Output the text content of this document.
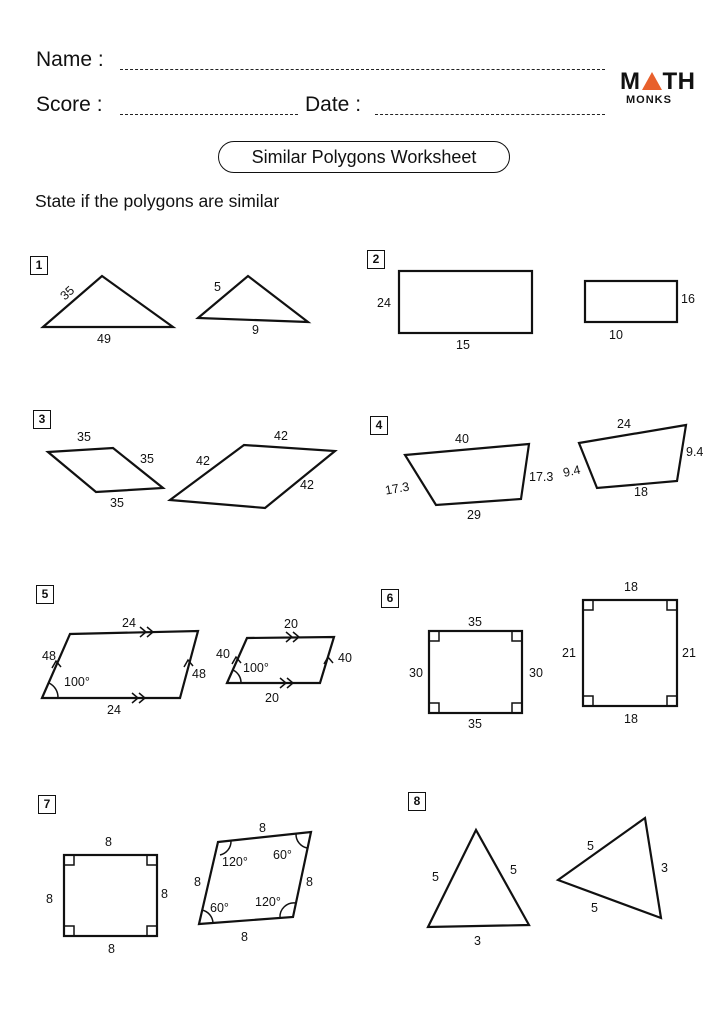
Name :
Score :	Date :
M TH
MONKS
Similar Polygons Worksheet
State if the polygons are similar
1	2
3	4
5	6
7	8
35
49
5
9
24
15
16
10
35
35
35
42
42
42
40
17.3
17.3
29
24
9.4
9.4
18
24
48
100°
48
24
20
40
100°
40
20
35
30	30
35
18
21	21
18
8
8	8
8
8
120° 60°
8	8
60° 120°
8
5	5
3
5
3
5
